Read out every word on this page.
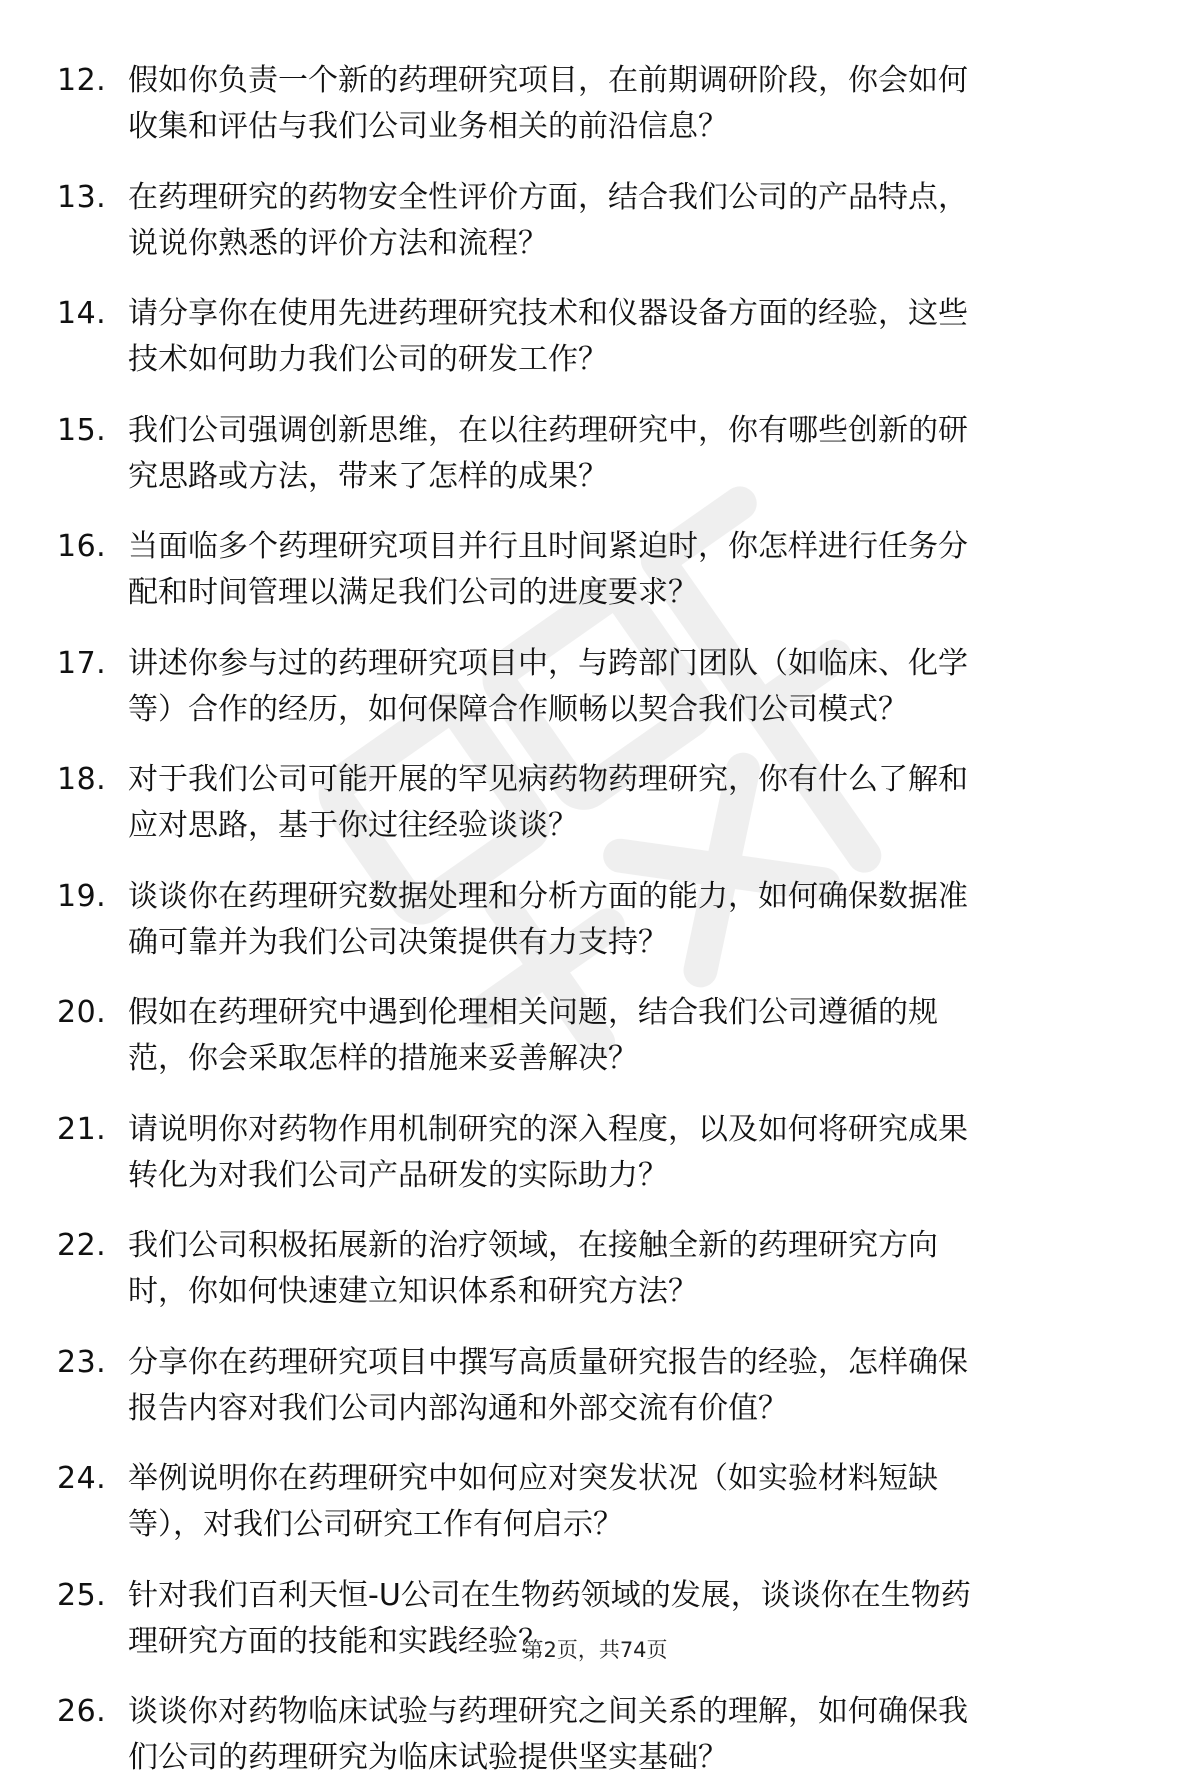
12. 假如你负责一个新的药理研究项目，在前期调研阶段，你会如何
收集和评估与我们公司业务相关的前沿信息？
13. 在药理研究的药物安全性评价方面，结合我们公司的产品特点，
说说你熟悉的评价方法和流程？
14. 请分享你在使用先进药理研究技术和仪器设备方面的经验，这些
技术如何助力我们公司的研发工作？
15. 我们公司强调创新思维，在以往药理研究中，你有哪些创新的研
究思路或方法，带来了怎样的成果？
16. 当面临多个药理研究项目并行且时间紧迫时，你怎样进行任务分
配和时间管理以满足我们公司的进度要求？
17. 讲述你参与过的药理研究项目中，与跨部门团队（如临床、化学
等）合作的经历，如何保障合作顺畅以契合我们公司模式？
18. 对于我们公司可能开展的罕见病药物药理研究，你有什么了解和
应对思路，基于你过往经验谈谈？
19. 谈谈你在药理研究数据处理和分析方面的能力，如何确保数据准
确可靠并为我们公司决策提供有力支持？
20. 假如在药理研究中遇到伦理相关问题，结合我们公司遵循的规
范，你会采取怎样的措施来妥善解决？
21. 请说明你对药物作用机制研究的深入程度，以及如何将研究成果
转化为对我们公司产品研发的实际助力？
22. 我们公司积极拓展新的治疗领域，在接触全新的药理研究方向
时，你如何快速建立知识体系和研究方法？
23. 分享你在药理研究项目中撰写高质量研究报告的经验，怎样确保
报告内容对我们公司内部沟通和外部交流有价值？
24. 举例说明你在药理研究中如何应对突发状况（如实验材料短缺
等），对我们公司研究工作有何启示？
25. 针对我们百利天恒-U公司在生物药领域的发展，谈谈你在生物药
理研究方面的技能和实践经验？
26. 谈谈你对药物临床试验与药理研究之间关系的理解，如何确保我
们公司的药理研究为临床试验提供坚实基础？
第2页，共74页
